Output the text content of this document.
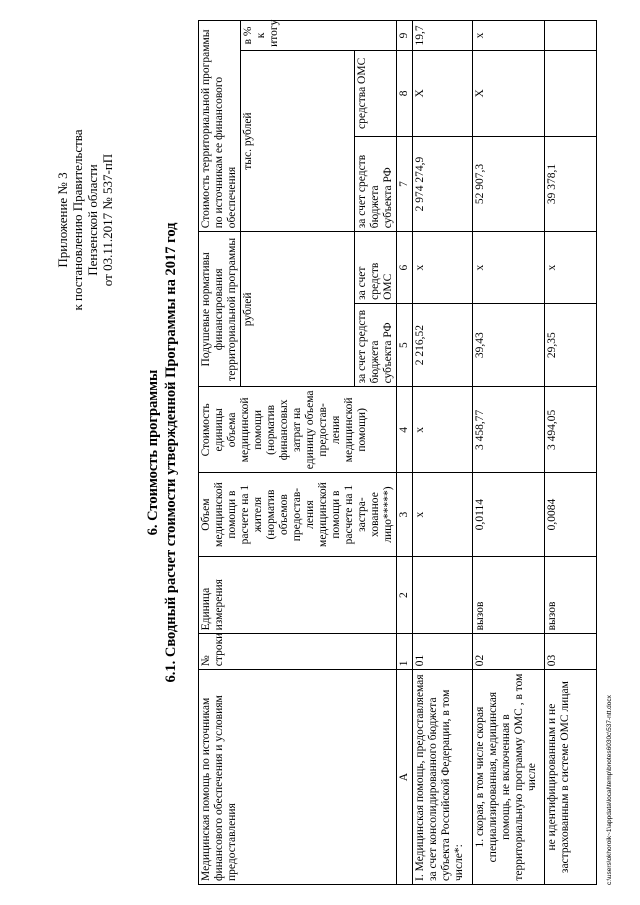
Приложение № 3 к постановлению Правительства Пензенской области от 03.11.2017 № 537-пП
6. Стоимость программы 6.1. Сводный расчет стоимости утвержденной Программы на 2017 год
Медицинская помощь по источникам финансового обеспечения и условиям предоставления	№ строки	Единица измерения	Объем медицинской помощи в расчете на 1 жителя (норматив объемов предостав-ления медицинской помощи в расчете на 1 застра-хованное лицо*****)	Стоимость единицы объема медицинской помощи (норматив финансовых затрат на единицу объема предостав-ления медицинской помощи)	Подушевые нормативы финансирования территориальной программы		Стоимость территориальной программы по источникам ее финансового обеспечения		
					рублей		тыс. рублей		в % к итогу
					за счет средств бюджета субъекта РФ	за счет средств ОМС	за счет средств бюджета субъекта РФ	средства ОМС	
А	1	2	3	4	5	6	7	8	9
I. Медицинская помощь, предоставляемая за счет консолидированного бюджета субъекта Российской Федерации, в том числе*:	01		х	х	2 216,52	х	2 974 274,9	Х	19,7
1. скорая, в том числе скорая специализированная, медицинская помощь, не включенная в территориальную программу ОМС , в том числе	02	вызов	0,0114	3 458,77	39,43	х	52 907,3	Х	х
не идентифицированным и не застрахованным в системе ОМС лицам	03	вызов	0,0084	3 494,05	29,35	х	39 378,1		
c:\users\okhoroik~1\appdata\local\temp\bnotes6030c\537-ntt.docx
